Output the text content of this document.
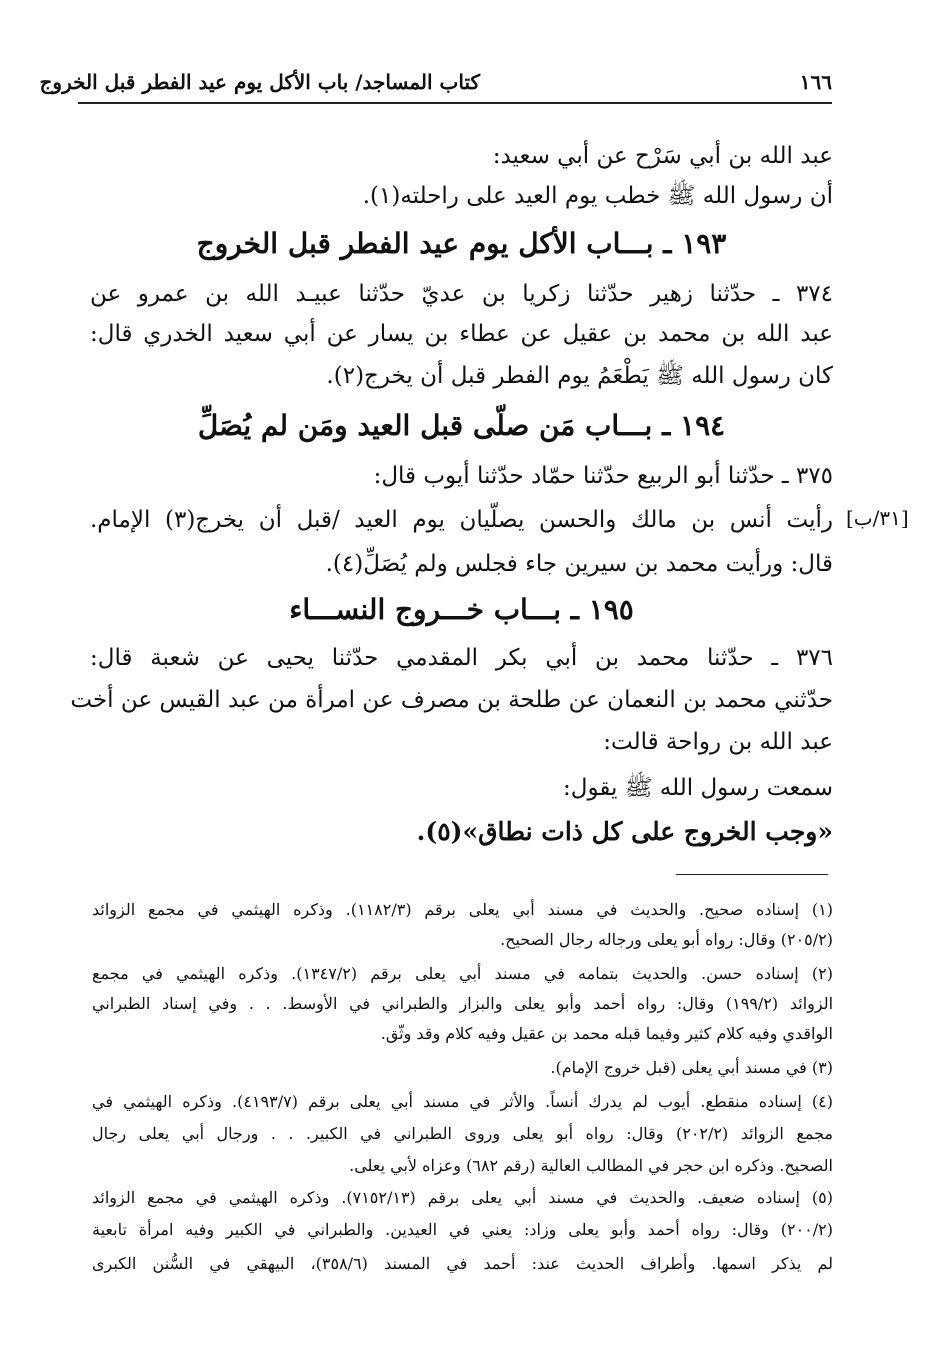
١٦٦
كتاب المساجد/ باب الأكل يوم عيد الفطر قبل الخروج
عبد الله بن أبي سَرْح عن أبي سعيد:
أن رسول الله ﷺ خطب يوم العيد على راحلته(١).
١٩٣ ـ بـــاب الأكل يوم عيد الفطر قبل الخروج
٣٧٤ ـ حدّثنا زهير حدّثنا زكريا بن عديّ حدّثنا عبيـد الله بن عمرو عن
عبد الله بن محمد بن عقيل عن عطاء بن يسار عن أبي سعيد الخدري قال:
كان رسول الله ﷺ يَطْعَمُ يوم الفطر قبل أن يخرج(٢).
١٩٤ ـ بـــاب مَن صلّى قبل العيد ومَن لم يُصَلِّ
٣٧٥ ـ حدّثنا أبو الربيع حدّثنا حمّاد حدّثنا أيوب قال:
رأيت أنس بن مالك والحسن يصلّيان يوم العيد /قبل أن يخرج(٣) الإمام.
قال: ورأيت محمد بن سيرين جاء فجلس ولم يُصَلِّ(٤).
١٩٥ ـ بـــاب خـــروج النســـاء
٣٧٦ ـ حدّثنا محمد بن أبي بكر المقدمي حدّثنا يحيى عن شعبة قال:
حدّثني محمد بن النعمان عن طلحة بن مصرف عن امرأة من عبد القيس عن أخت
عبد الله بن رواحة قالت:
سمعت رسول الله ﷺ يقول:
«وجب الخروج على كل ذات نطاق»(٥).
[٣١/ب]
(١) إسناده صحيح. والحديث في مسند أبي يعلى برقم (١١٨٢/٣). وذكره الهيثمي في مجمع الزوائد
(٢٠٥/٢) وقال: رواه أبو يعلى ورجاله رجال الصحيح.
(٢) إسناده حسن. والحديث بتمامه في مسند أبي يعلى برقم (١٣٤٧/٢). وذكره الهيثمي في مجمع
الزوائد (١٩٩/٢) وقال: رواه أحمد وأبو يعلى والبزار والطبراني في الأوسط. . . وفي إسناد الطبراني
الواقدي وفيه كلام كثير وفيما قبله محمد بن عقيل وفيه كلام وقد وثّق.
(٣) في مسند أبي يعلى (قبل خروج الإمام).
(٤) إسناده منقطع. أيوب لم يدرك أنساً. والأثر في مسند أبي يعلى برقم (٤١٩٣/٧). وذكره الهيثمي في
مجمع الزوائد (٢٠٢/٢) وقال: رواه أبو يعلى وروى الطبراني في الكبير. . . ورجال أبي يعلى رجال
الصحيح. وذكره ابن حجر في المطالب العالية (رقم ٦٨٢) وعزاه لأبي يعلى.
(٥) إسناده ضعيف. والحديث في مسند أبي يعلى برقم (٧١٥٢/١٣). وذكره الهيثمي في مجمع الزوائد
(٢٠٠/٢) وقال: رواه أحمد وأبو يعلى وزاد: يعني في العيدين. والطبراني في الكبير وفيه امرأة تابعية
لم يذكر اسمها. وأطراف الحديث عند: أحمد في المسند (٣٥٨/٦)، البيهقي في السُّنن الكبرى
